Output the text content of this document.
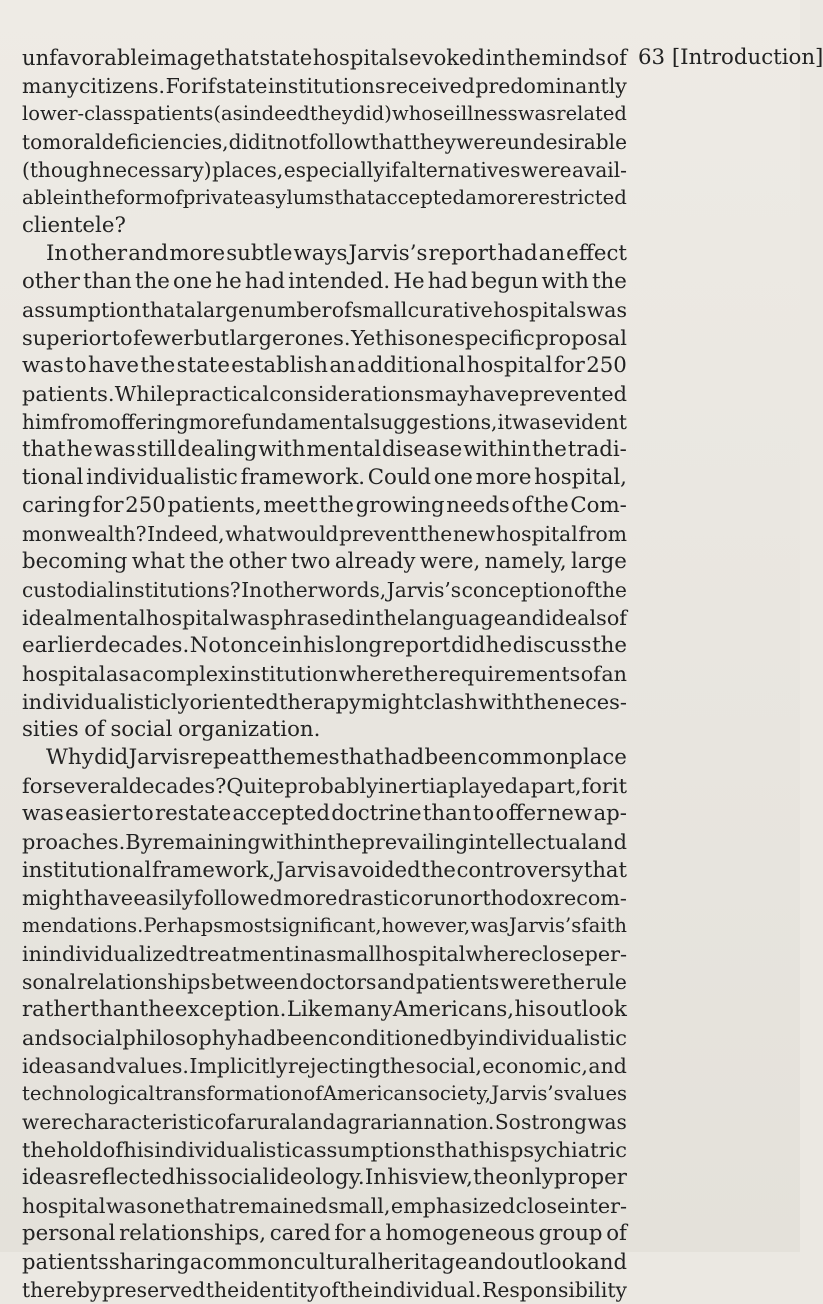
63 [Introduction]
unfavorable image that state hospitals evoked in the minds of
many citizens. For if state institutions received predominantly
lower-class patients (as indeed they did) whose illness was related
to moral deficiencies, did it not follow that they were undesirable
(though necessary) places, especially if alternatives were avail-
able in the form of private asylums that accepted a more restricted
clientele?
In other and more subtle ways Jarvis’s report had an effect
other than the one he had intended. He had begun with the
assumption that a large number of small curative hospitals was
superior to fewer but larger ones. Yet his one specific proposal
was to have the state establish an additional hospital for 250
patients. While practical considerations may have prevented
him from offering more fundamental suggestions, it was evident
that he was still dealing with mental disease within the tradi-
tional individualistic framework. Could one more hospital,
caring for 250 patients, meet the growing needs of the Com-
monwealth? Indeed, what would prevent the new hospital from
becoming what the other two already were, namely, large
custodial institutions? In other words, Jarvis’s conception of the
ideal mental hospital was phrased in the language and ideals of
earlier decades. Not once in his long report did he discuss the
hospital as a complex institution where the requirements of an
individualisticly oriented therapy might clash with the neces-
sities of social organization.
Why did Jarvis repeat themes that had been commonplace
for several decades? Quite probably inertia played a part, for it
was easier to restate accepted doctrine than to offer new ap-
proaches. By remaining within the prevailing intellectual and
institutional framework, Jarvis avoided the controversy that
might have easily followed more drastic or unorthodox recom-
mendations. Perhaps most significant, however, was Jarvis’s faith
in individualized treatment in a small hospital where close per-
sonal relationships between doctors and patients were the rule
rather than the exception. Like many Americans, his outlook
and social philosophy had been conditioned by individualistic
ideas and values. Implicitly rejecting the social, economic, and
technological transformation of American society, Jarvis’s values
were characteristic of a rural and agrarian nation. So strong was
the hold of his individualistic assumptions that his psychiatric
ideas reflected his social ideology. In his view, the only proper
hospital was one that remained small, emphasized close inter-
personal relationships, cared for a homogeneous group of
patients sharing a common cultural heritage and outlook and
thereby preserved the identity of the individual. Responsibility
